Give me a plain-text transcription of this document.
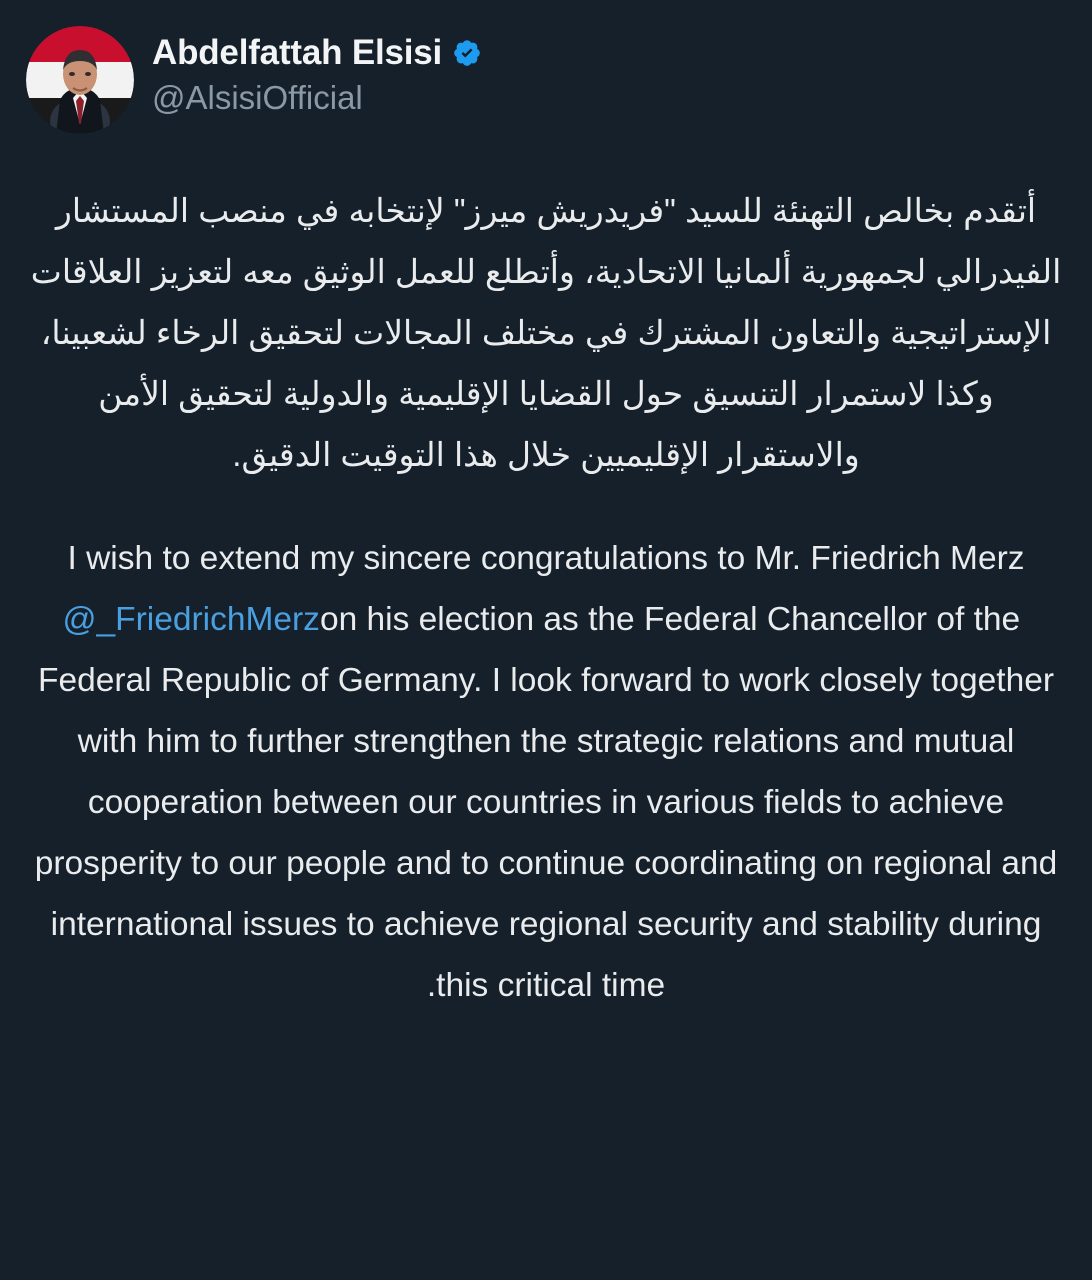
Abdelfattah Elsisi
@AlsisiOfficial
أتقدم بخالص التهنئة للسيد "فريدريش ميرز" لإنتخابه في منصب المستشار الفيدرالي لجمهورية ألمانيا الاتحادية، وأتطلع للعمل الوثيق معه لتعزيز العلاقات الإستراتيجية والتعاون المشترك في مختلف المجالات لتحقيق الرخاء لشعبينا، وكذا لاستمرار التنسيق حول القضايا الإقليمية والدولية لتحقيق الأمن والاستقرار الإقليميين خلال هذا التوقيت الدقيق.
I wish to extend my sincere congratulations to Mr. Friedrich Merz @_FriedrichMerz on his election as the Federal Chancellor of the Federal Republic of Germany. I look forward to work closely together with him to further strengthen the strategic relations and mutual cooperation between our countries in various fields to achieve prosperity to our people and to continue coordinating on regional and international issues to achieve regional security and stability during this critical time.
